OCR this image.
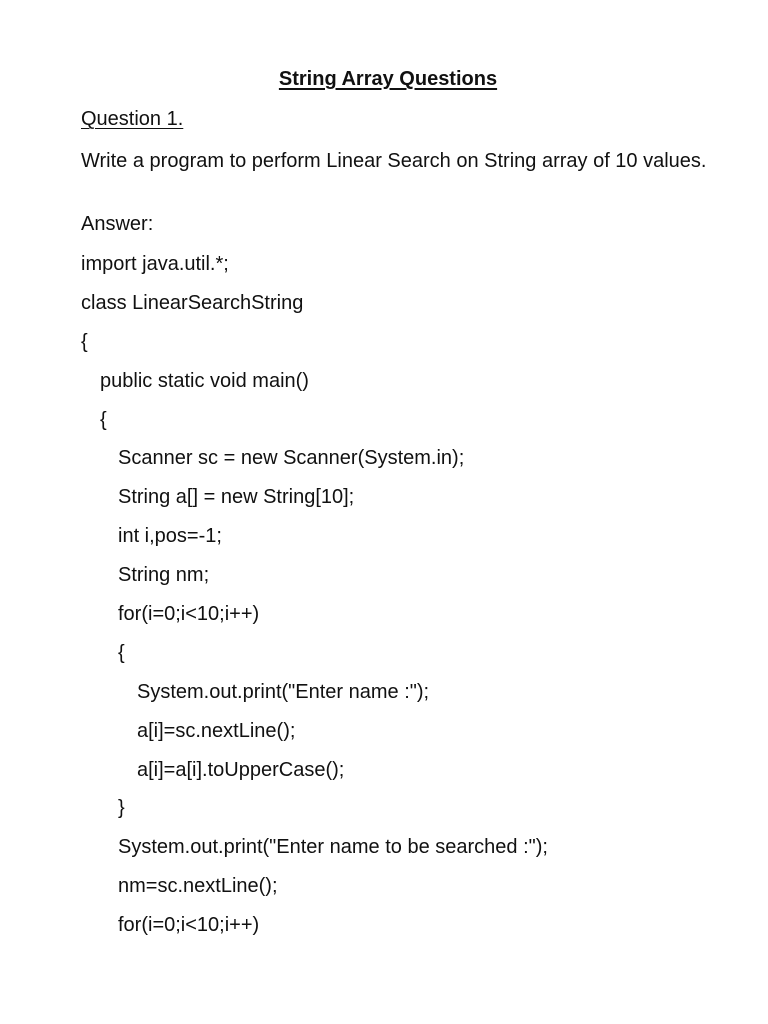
String Array Questions
Question 1.
Write a program to perform Linear Search on String array of 10 values.
Answer:
import java.util.*;
class LinearSearchString
{
public static void main()
{
Scanner sc = new Scanner(System.in);
String a[] = new String[10];
int i,pos=-1;
String nm;
for(i=0;i<10;i++)
{
System.out.print("Enter name :");
a[i]=sc.nextLine();
a[i]=a[i].toUpperCase();
}
System.out.print("Enter name to be searched :");
nm=sc.nextLine();
for(i=0;i<10;i++)
